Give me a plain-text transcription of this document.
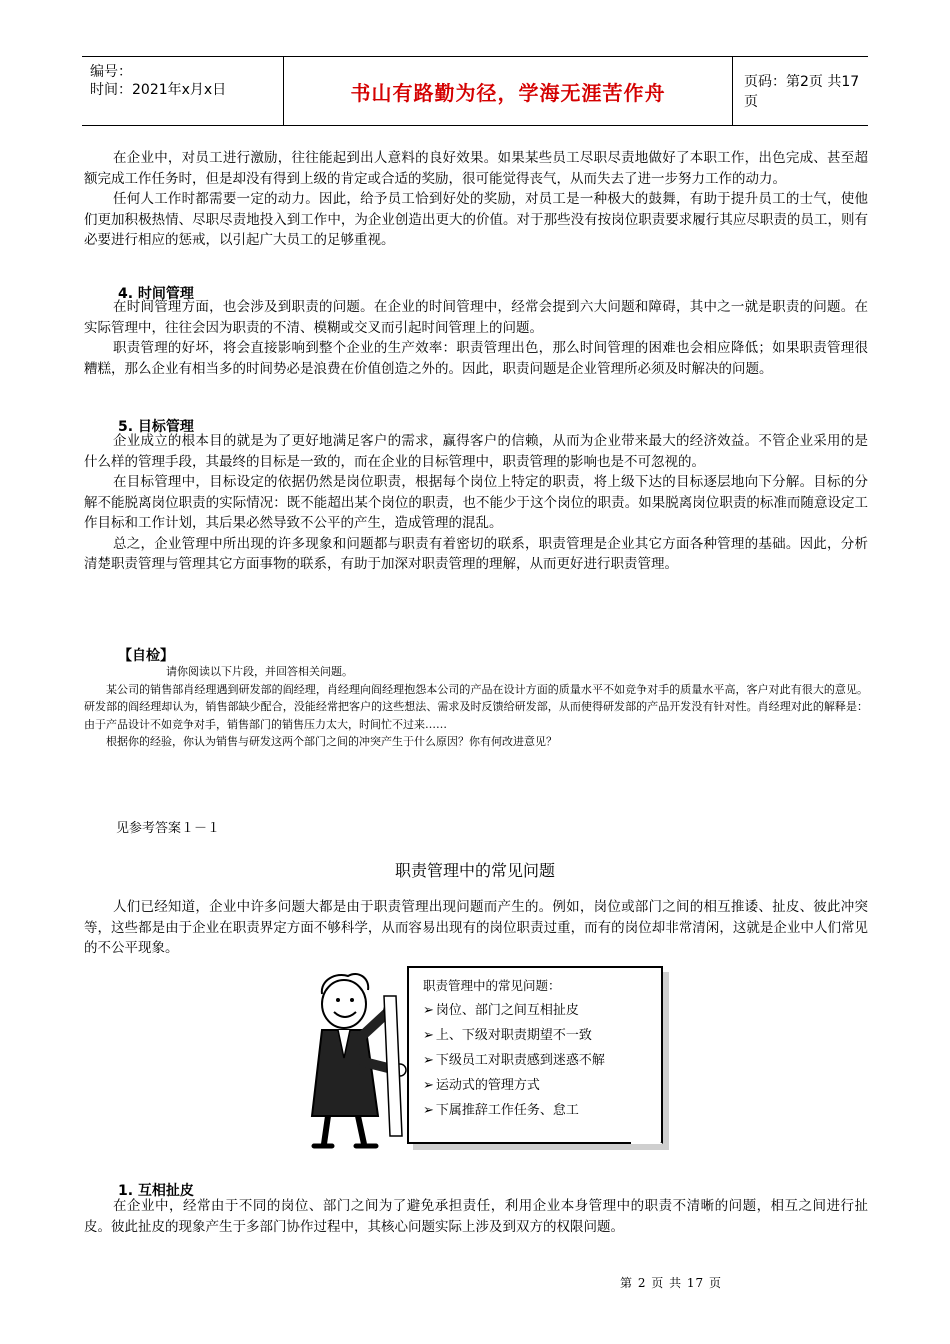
编号：
时间：2021年x月x日	书山有路勤为径，学海无涯苦作舟	页码：第2页 共17页

在企业中，对员工进行激励，往往能起到出人意料的良好效果。如果某些员工尽职尽责地做好了本职工作，出色完成、甚至超额完成工作任务时，但是却没有得到上级的肯定或合适的奖励，很可能觉得丧气，从而失去了进一步努力工作的动力。

任何人工作时都需要一定的动力。因此，给予员工恰到好处的奖励，对员工是一种极大的鼓舞，有助于提升员工的士气，使他们更加积极热情、尽职尽责地投入到工作中，为企业创造出更大的价值。对于那些没有按岗位职责要求履行其应尽职责的员工，则有必要进行相应的惩戒，以引起广大员工的足够重视。

4. 时间管理

在时间管理方面，也会涉及到职责的问题。在企业的时间管理中，经常会提到六大问题和障碍，其中之一就是职责的问题。在实际管理中，往往会因为职责的不清、模糊或交叉而引起时间管理上的问题。

职责管理的好坏，将会直接影响到整个企业的生产效率：职责管理出色，那么时间管理的困难也会相应降低；如果职责管理很糟糕，那么企业有相当多的时间势必是浪费在价值创造之外的。因此，职责问题是企业管理所必须及时解决的问题。

5. 目标管理

企业成立的根本目的就是为了更好地满足客户的需求，赢得客户的信赖，从而为企业带来最大的经济效益。不管企业采用的是什么样的管理手段，其最终的目标是一致的，而在企业的目标管理中，职责管理的影响也是不可忽视的。

在目标管理中，目标设定的依据仍然是岗位职责，根据每个岗位上特定的职责，将上级下达的目标逐层地向下分解。目标的分解不能脱离岗位职责的实际情况：既不能超出某个岗位的职责，也不能少于这个岗位的职责。如果脱离岗位职责的标准而随意设定工作目标和工作计划，其后果必然导致不公平的产生，造成管理的混乱。

总之，企业管理中所出现的许多现象和问题都与职责有着密切的联系，职责管理是企业其它方面各种管理的基础。因此，分析清楚职责管理与管理其它方面事物的联系，有助于加深对职责管理的理解，从而更好进行职责管理。

【自检】

请你阅读以下片段，并回答相关问题。

某公司的销售部肖经理遇到研发部的阎经理，肖经理向阎经理抱怨本公司的产品在设计方面的质量水平不如竞争对手的质量水平高，客户对此有很大的意见。研发部的阎经理却认为，销售部缺少配合，没能经常把客户的这些想法、需求及时反馈给研发部，从而使得研发部的产品开发没有针对性。肖经理对此的解释是：由于产品设计不如竞争对手，销售部门的销售压力太大，时间忙不过来……

根据你的经验，你认为销售与研发这两个部门之间的冲突产生于什么原因？你有何改进意见？

见参考答案１－１
职责管理中的常见问题

人们已经知道，企业中许多问题大都是由于职责管理出现问题而产生的。例如，岗位或部门之间的相互推诿、扯皮、彼此冲突等，这些都是由于企业在职责界定方面不够科学，从而容易出现有的岗位职责过重，而有的岗位却非常清闲，这就是企业中人们常见的不公平现象。

职责管理中的常见问题：
➢ 岗位、部门之间互相扯皮
➢ 上、下级对职责期望不一致
➢ 下级员工对职责感到迷惑不解
➢ 运动式的管理方式
➢ 下属推辞工作任务、怠工
1. 互相扯皮

在企业中，经常由于不同的岗位、部门之间为了避免承担责任，利用企业本身管理中的职责不清晰的问题，相互之间进行扯皮。彼此扯皮的现象产生于多部门协作过程中，其核心问题实际上涉及到双方的权限问题。

第 2 页 共 17 页
